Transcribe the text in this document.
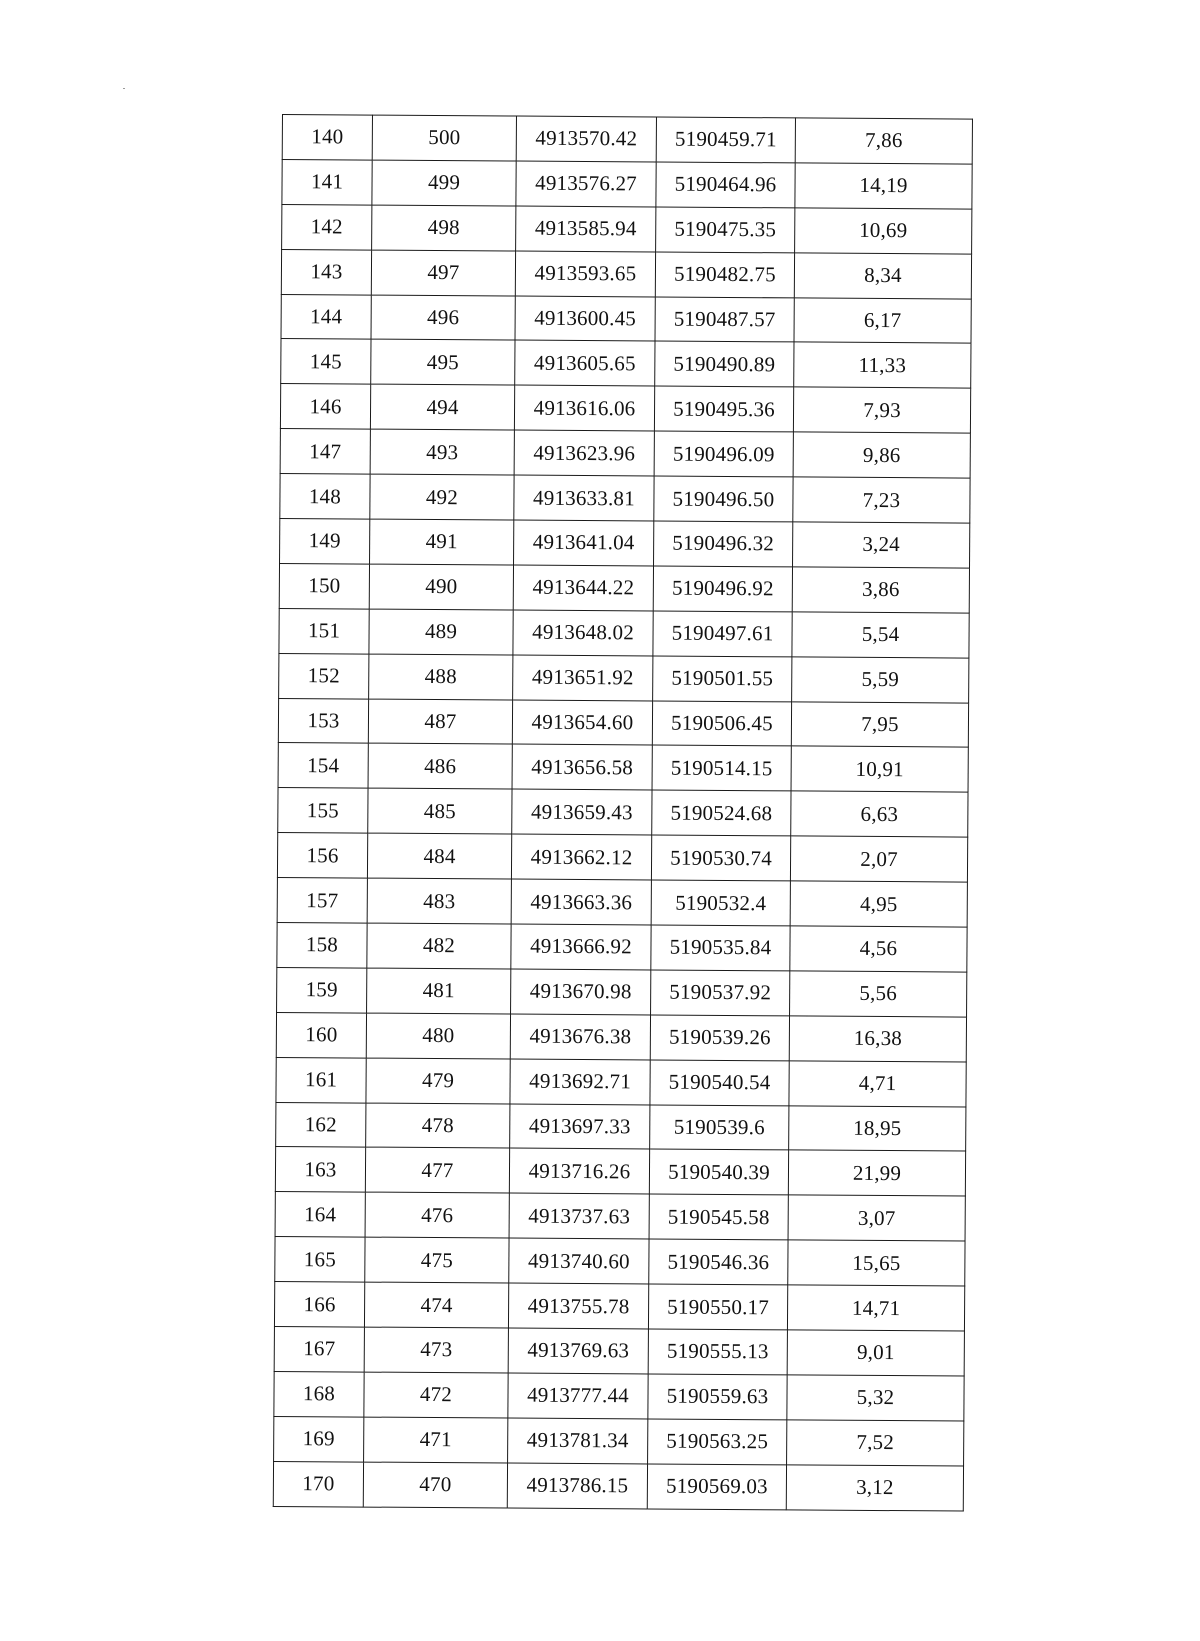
140	500	4913570.42	5190459.71	7,86
141	499	4913576.27	5190464.96	14,19
142	498	4913585.94	5190475.35	10,69
143	497	4913593.65	5190482.75	8,34
144	496	4913600.45	5190487.57	6,17
145	495	4913605.65	5190490.89	11,33
146	494	4913616.06	5190495.36	7,93
147	493	4913623.96	5190496.09	9,86
148	492	4913633.81	5190496.50	7,23
149	491	4913641.04	5190496.32	3,24
150	490	4913644.22	5190496.92	3,86
151	489	4913648.02	5190497.61	5,54
152	488	4913651.92	5190501.55	5,59
153	487	4913654.60	5190506.45	7,95
154	486	4913656.58	5190514.15	10,91
155	485	4913659.43	5190524.68	6,63
156	484	4913662.12	5190530.74	2,07
157	483	4913663.36	5190532.4	4,95
158	482	4913666.92	5190535.84	4,56
159	481	4913670.98	5190537.92	5,56
160	480	4913676.38	5190539.26	16,38
161	479	4913692.71	5190540.54	4,71
162	478	4913697.33	5190539.6	18,95
163	477	4913716.26	5190540.39	21,99
164	476	4913737.63	5190545.58	3,07
165	475	4913740.60	5190546.36	15,65
166	474	4913755.78	5190550.17	14,71
167	473	4913769.63	5190555.13	9,01
168	472	4913777.44	5190559.63	5,32
169	471	4913781.34	5190563.25	7,52
170	470	4913786.15	5190569.03	3,12
